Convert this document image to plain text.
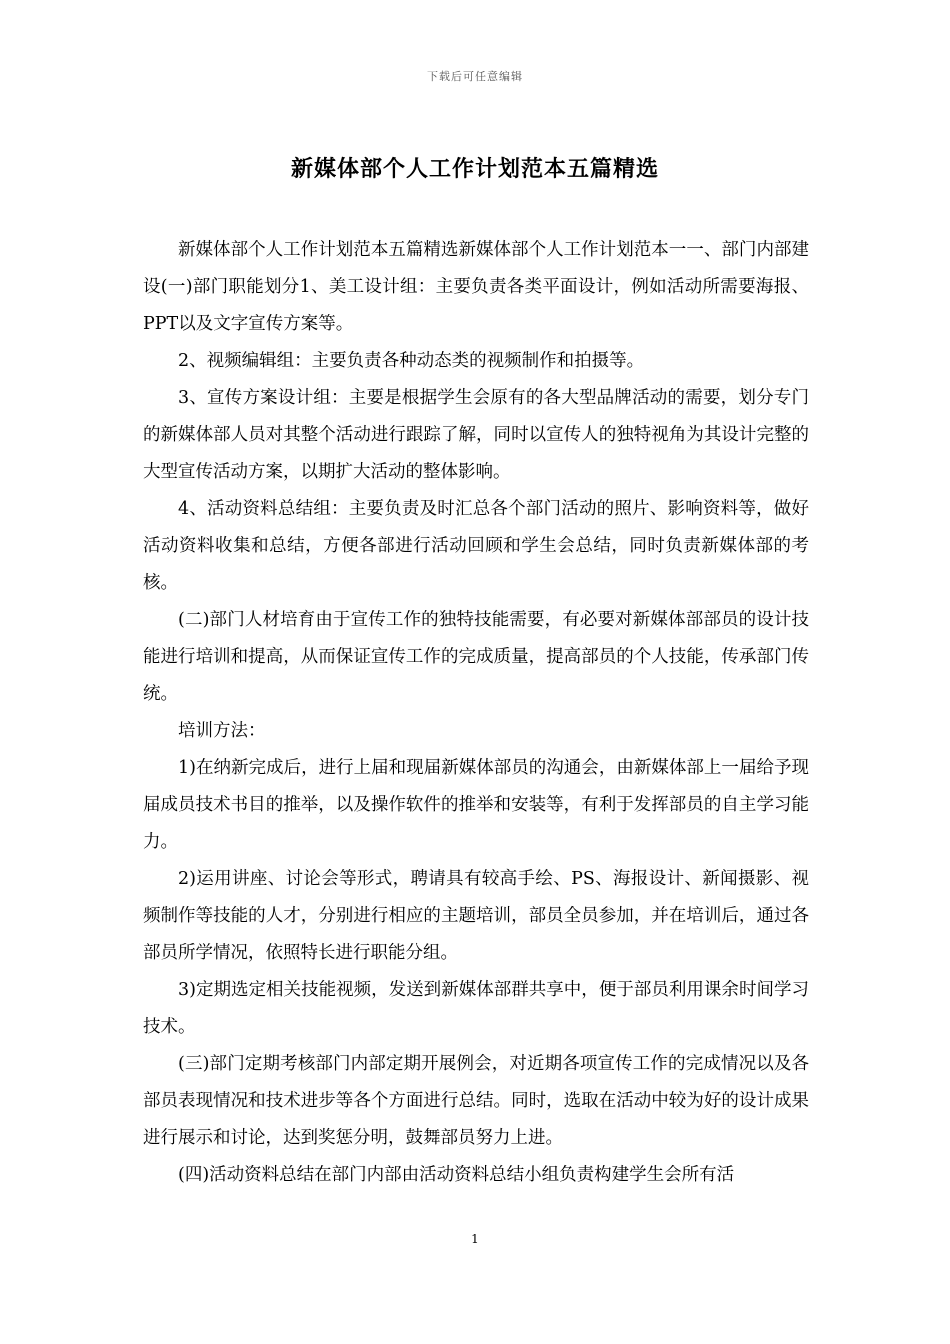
下载后可任意编辑
新媒体部个人工作计划范本五篇精选

新媒体部个人工作计划范本五篇精选新媒体部个人工作计划范本一一、部门内部建设(一)部门职能划分1、美工设计组：主要负责各类平面设计，例如活动所需要海报、PPT以及文字宣传方案等。

2、视频编辑组：主要负责各种动态类的视频制作和拍摄等。

3、宣传方案设计组：主要是根据学生会原有的各大型品牌活动的需要，划分专门的新媒体部人员对其整个活动进行跟踪了解，同时以宣传人的独特视角为其设计完整的大型宣传活动方案，以期扩大活动的整体影响。

4、活动资料总结组：主要负责及时汇总各个部门活动的照片、影响资料等，做好活动资料收集和总结，方便各部进行活动回顾和学生会总结，同时负责新媒体部的考核。

(二)部门人材培育由于宣传工作的独特技能需要，有必要对新媒体部部员的设计技能进行培训和提高，从而保证宣传工作的完成质量，提高部员的个人技能，传承部门传统。

培训方法：

1)在纳新完成后，进行上届和现届新媒体部员的沟通会，由新媒体部上一届给予现届成员技术书目的推举，以及操作软件的推举和安装等，有利于发挥部员的自主学习能力。

2)运用讲座、讨论会等形式，聘请具有较高手绘、PS、海报设计、新闻摄影、视频制作等技能的人才，分别进行相应的主题培训，部员全员参加，并在培训后，通过各部员所学情况，依照特长进行职能分组。

3)定期选定相关技能视频，发送到新媒体部群共享中，便于部员利用课余时间学习技术。

(三)部门定期考核部门内部定期开展例会，对近期各项宣传工作的完成情况以及各部员表现情况和技术进步等各个方面进行总结。同时，选取在活动中较为好的设计成果进行展示和讨论，达到奖惩分明，鼓舞部员努力上进。

(四)活动资料总结在部门内部由活动资料总结小组负责构建学生会所有活

1
